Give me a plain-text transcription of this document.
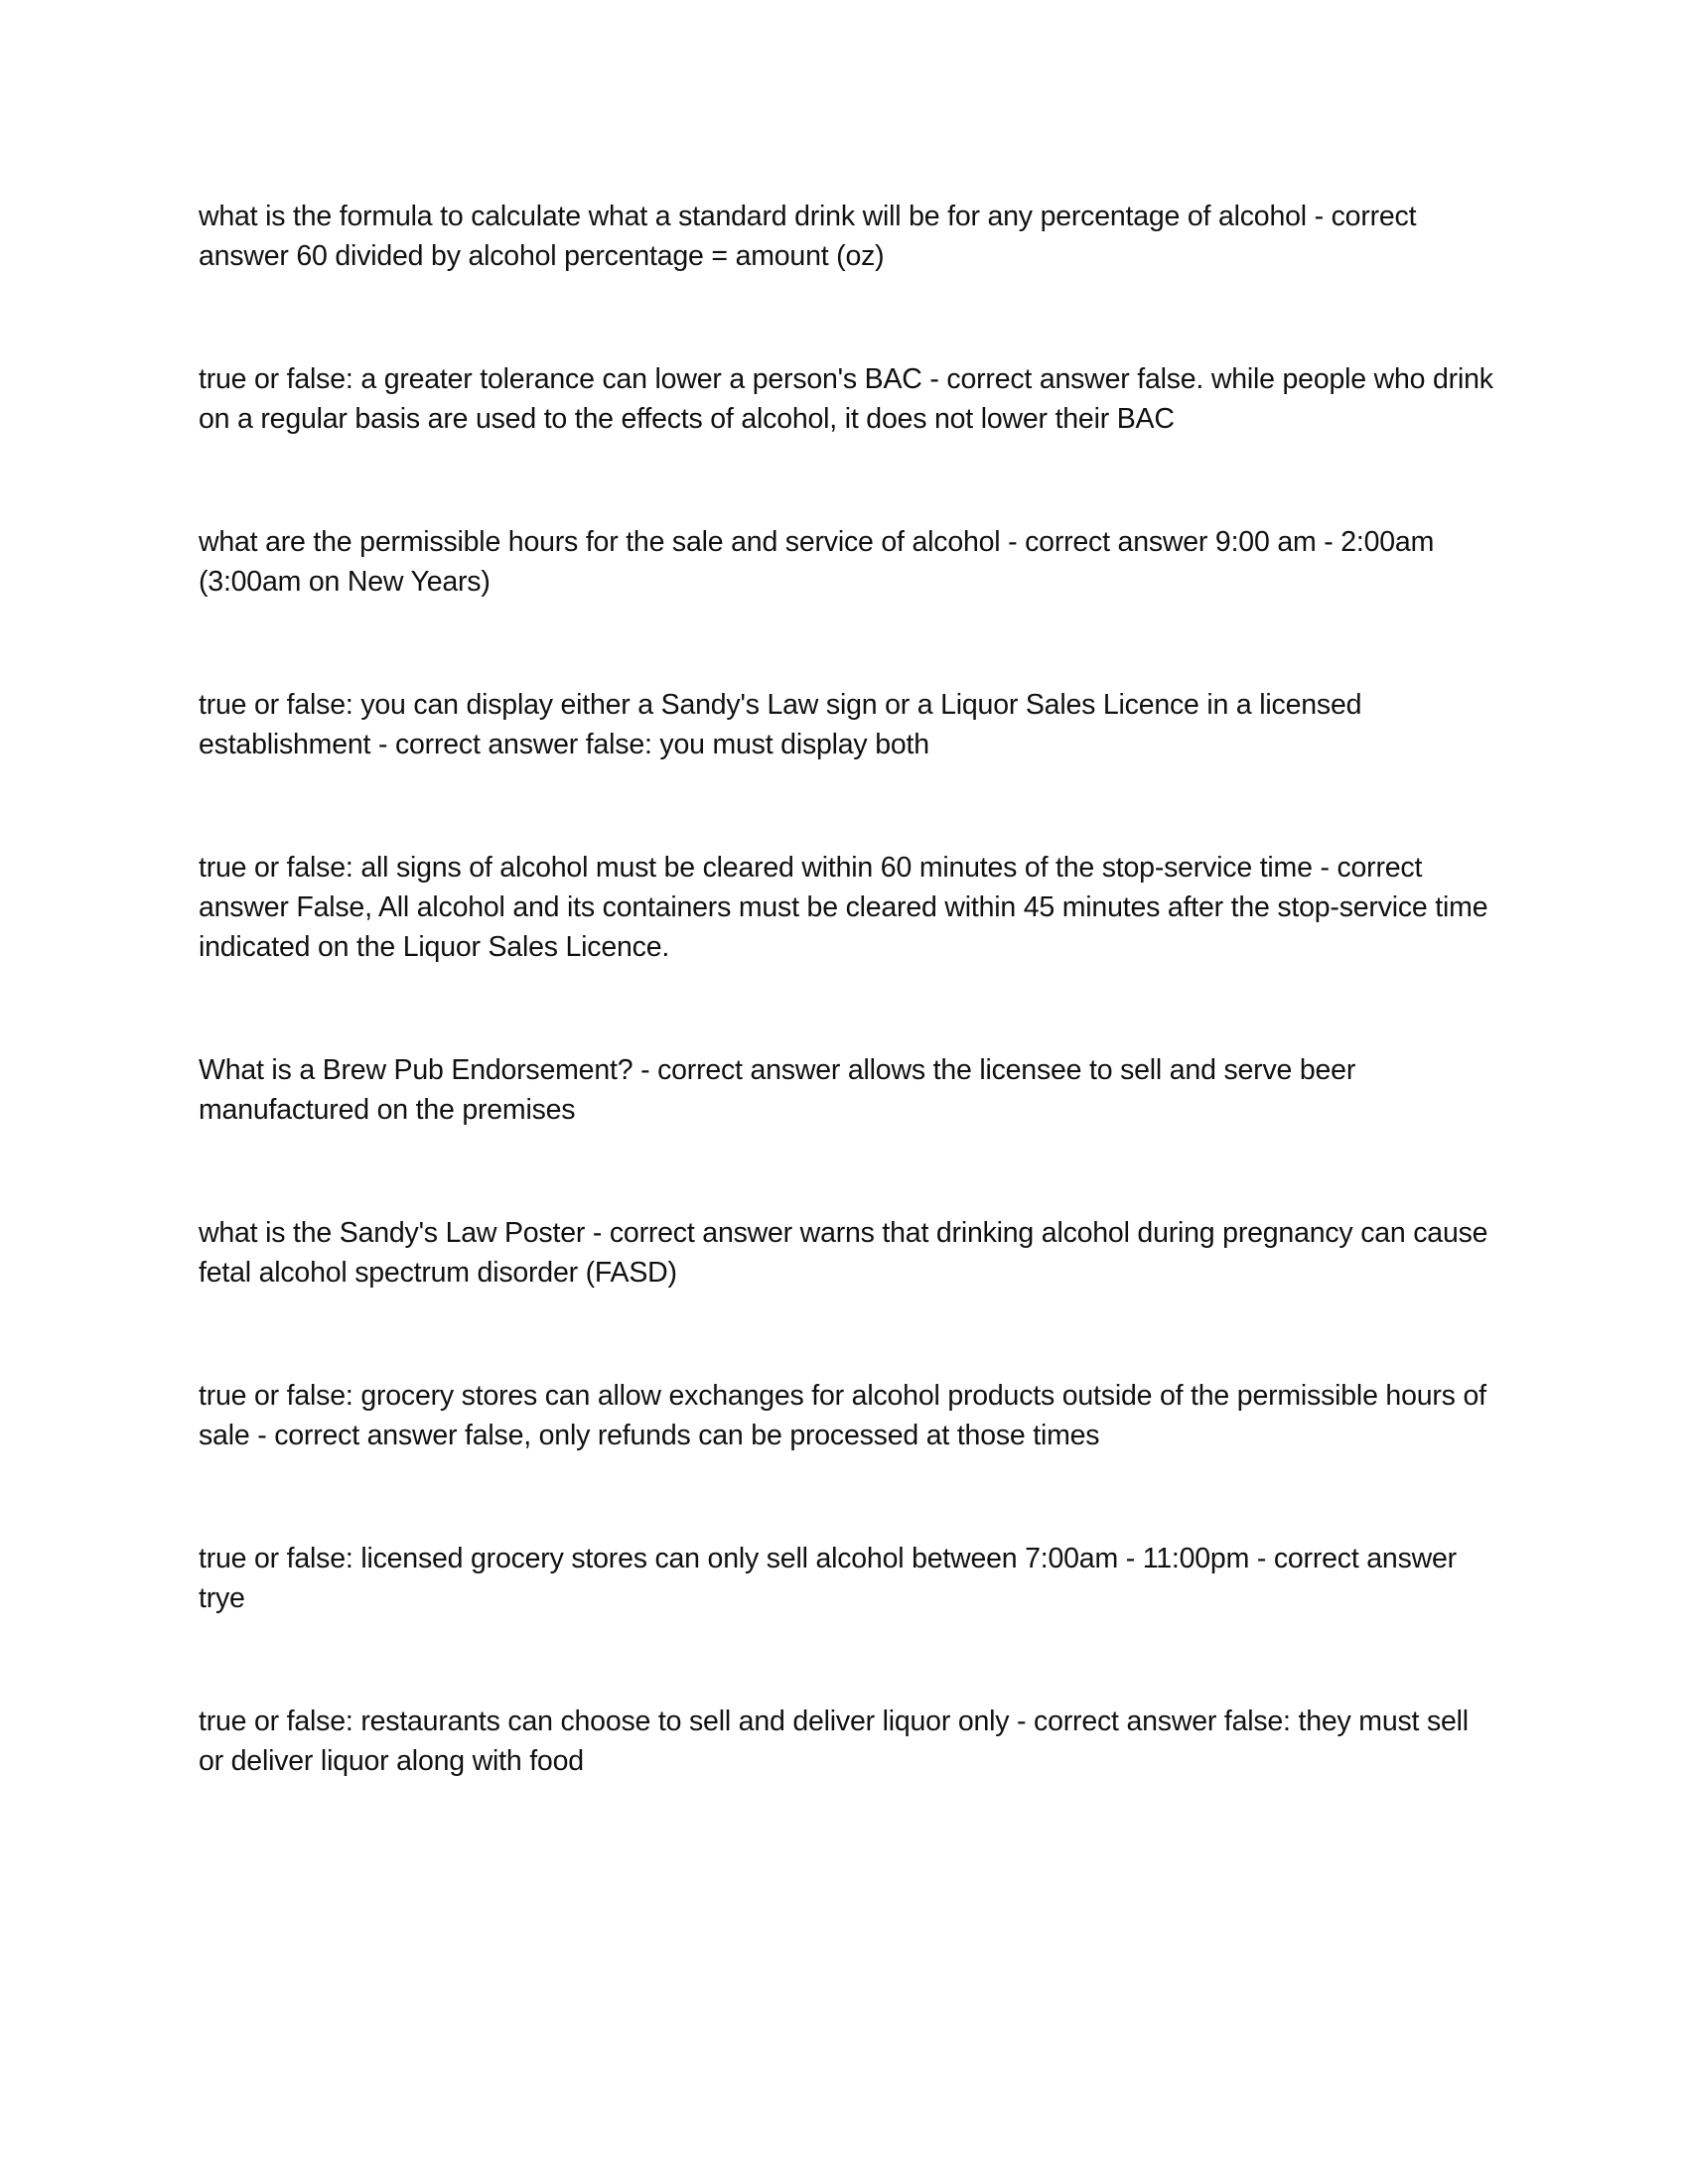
what is the formula to calculate what a standard drink will be for any percentage of alcohol - correct answer 60 divided by alcohol percentage = amount (oz)

true or false: a greater tolerance can lower a person's BAC - correct answer false. while people who drink on a regular basis are used to the effects of alcohol, it does not lower their BAC

what are the permissible hours for the sale and service of alcohol - correct answer 9:00 am - 2:00am (3:00am on New Years)

true or false: you can display either a Sandy's Law sign or a Liquor Sales Licence in a licensed establishment - correct answer false: you must display both

true or false: all signs of alcohol must be cleared within 60 minutes of the stop-service time - correct answer False, All alcohol and its containers must be cleared within 45 minutes after the stop-service time indicated on the Liquor Sales Licence.

What is a Brew Pub Endorsement? - correct answer allows the licensee to sell and serve beer manufactured on the premises

what is the Sandy's Law Poster - correct answer warns that drinking alcohol during pregnancy can cause fetal alcohol spectrum disorder (FASD)

true or false: grocery stores can allow exchanges for alcohol products outside of the permissible hours of sale - correct answer false, only refunds can be processed at those times

true or false: licensed grocery stores can only sell alcohol between 7:00am - 11:00pm - correct answer trye

true or false: restaurants can choose to sell and deliver liquor only - correct answer false: they must sell or deliver liquor along with food
